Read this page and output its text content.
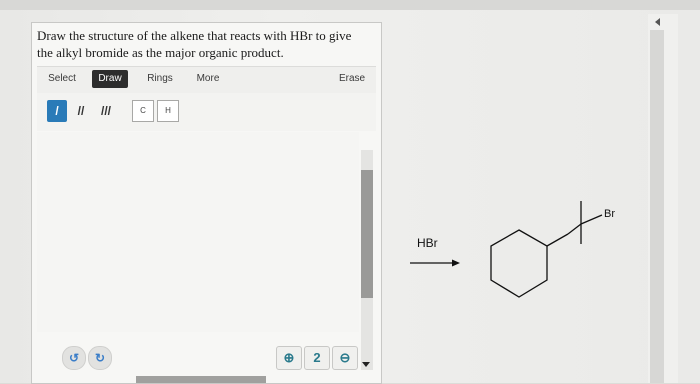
Draw the structure of the alkene that reacts with HBr to give the alkyl bromide as the major organic product.
Select	Draw	Rings	More	Erase
/	//	///	C	H
↺	↻	⊕	2	⊖
HBr
Br
